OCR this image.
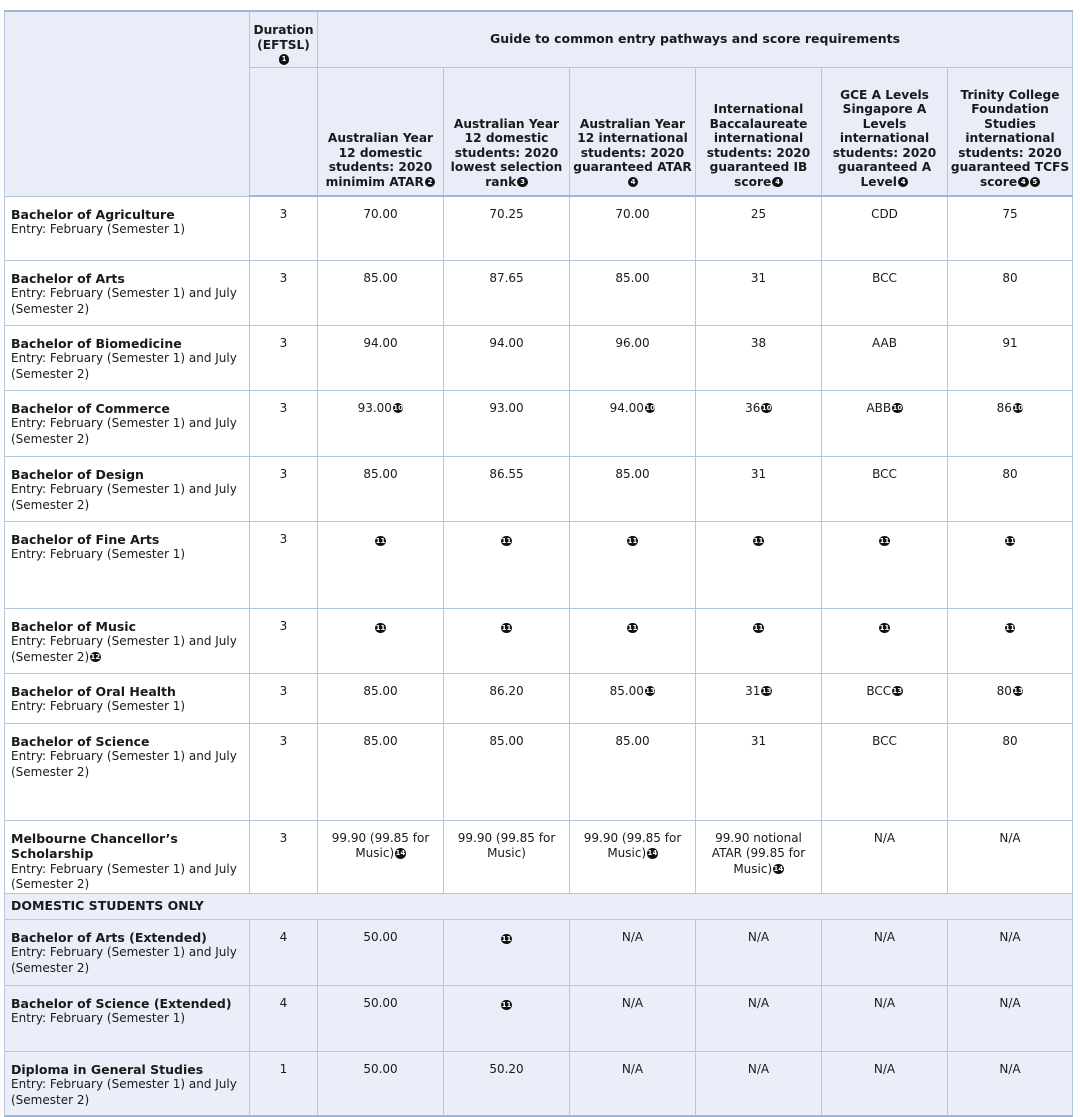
	Duration (EFTSL)1	Guide to common entry pathways and score requirements					
		Australian Year 12 domestic students: 2020 minimim ATAR 2	Australian Year 12 domestic students: 2020 lowest selection rank 3	Australian Year 12 international students: 2020 guaranteed ATAR4	International Baccalaureate international students: 2020 guaranteed IB score 4	GCE A Levels Singapore A Levels international students: 2020 guaranteed A Level 4	Trinity College Foundation Studies international students: 2020 guaranteed TCFS score 4 5

Bachelor of Agriculture
Entry: February (Semester 1)	3	70.00	70.25	70.00	25	CDD	75

Bachelor of Arts
Entry: February (Semester 1) and July (Semester 2)	3	85.00	87.65	85.00	31	BCC	80

Bachelor of Biomedicine
Entry: February (Semester 1) and July (Semester 2)	3	94.00	94.00	96.00	38	AAB	91

Bachelor of Commerce
Entry: February (Semester 1) and July (Semester 2)	3	93.0010	93.00	94.0010	3610	ABB10	8610

Bachelor of Design
Entry: February (Semester 1) and July (Semester 2)	3	85.00	86.55	85.00	31	BCC	80

Bachelor of Fine Arts
Entry: February (Semester 1)	3	11	11	11	11	11	11

Bachelor of Music
Entry: February (Semester 1) and July (Semester 2)12	3	11	11	11	11	11	11

Bachelor of Oral Health
Entry: February (Semester 1)	3	85.00	86.20	85.0013	3113	BCC13	8013

Bachelor of Science
Entry: February (Semester 1) and July (Semester 2)	3	85.00	85.00	85.00	31	BCC	80

Melbourne Chancellor’s Scholarship
Entry: February (Semester 1) and July (Semester 2)	3	99.90 (99.85 for Music)14	99.90 (99.85 for Music)	99.90 (99.85 for Music)14	99.90 notional ATAR (99.85 for Music)14	N/A	N/A
DOMESTIC STUDENTS ONLY							

Bachelor of Arts (Extended)
Entry: February (Semester 1) and July (Semester 2)	4	50.00	11	N/A	N/A	N/A	N/A

Bachelor of Science (Extended)
Entry: February (Semester 1)	4	50.00	11	N/A	N/A	N/A	N/A

Diploma in General Studies
Entry: February (Semester 1) and July (Semester 2)	1	50.00	50.20	N/A	N/A	N/A	N/A
